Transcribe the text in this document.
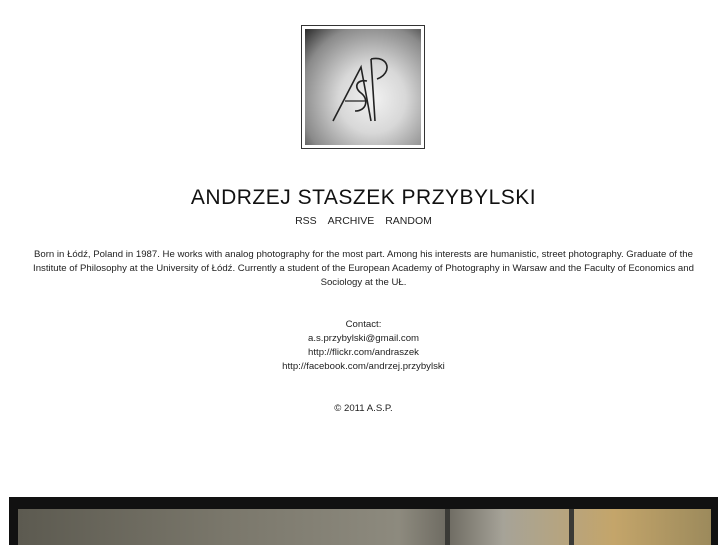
ANDRZEJ STASZEK PRZYBYLSKI
RSS ARCHIVE RANDOM
Born in Łódź, Poland in 1987. He works with analog photography for the most part. Among his interests are humanistic, street photography. Graduate of the Institute of Philosophy at the University of Łódź. Currently a student of the European Academy of Photography in Warsaw and the Faculty of Economics and Sociology at the UŁ.
Contact:
a.s.przybylski@gmail.com
http://flickr.com/andraszek
http://facebook.com/andrzej.przybylski
© 2011 A.S.P.
